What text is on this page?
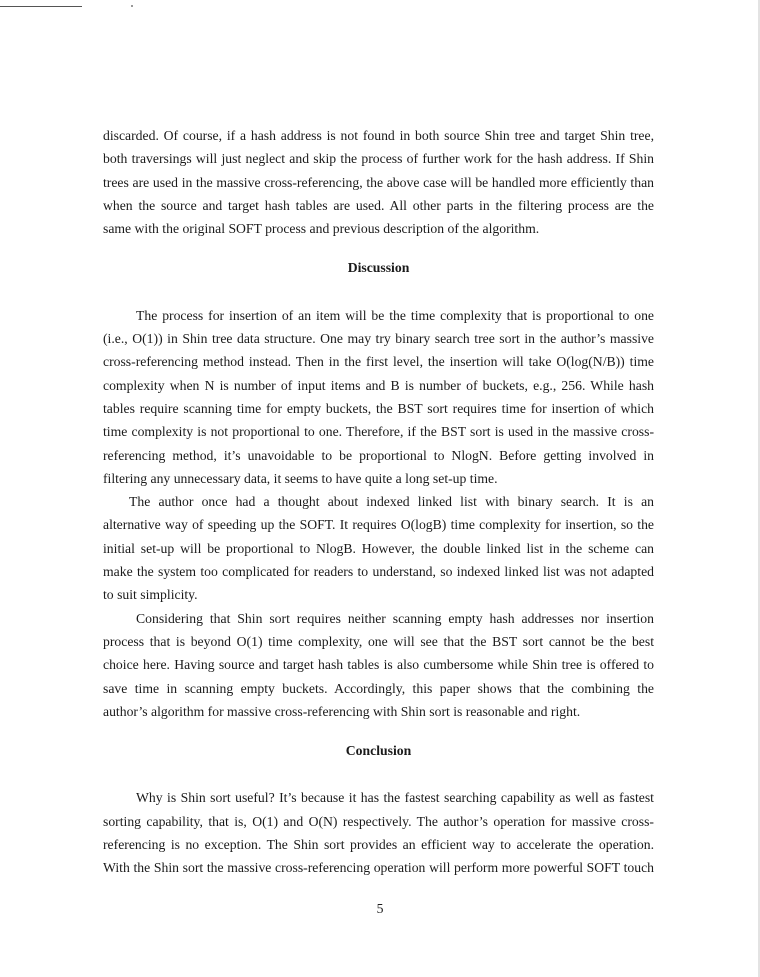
discarded. Of course, if a hash address is not found in both source Shin tree and target Shin tree,
both traversings will just neglect and skip the process of further work for the hash address. If Shin
trees are used in the massive cross-referencing, the above case will be handled more efficiently than
when the source and target hash tables are used. All other parts in the filtering process are the
same with the original SOFT process and previous description of the algorithm.
Discussion
The process for insertion of an item will be the time complexity that is proportional to one
(i.e., O(1)) in Shin tree data structure. One may try binary search tree sort in the author’s massive
cross-referencing method instead. Then in the first level, the insertion will take O(log(N/B)) time
complexity when N is number of input items and B is number of buckets, e.g., 256. While hash
tables require scanning time for empty buckets, the BST sort requires time for insertion of which
time complexity is not proportional to one. Therefore, if the BST sort is used in the massive cross-
referencing method, it’s unavoidable to be proportional to NlogN. Before getting involved in
filtering any unnecessary data, it seems to have quite a long set-up time.
The author once had a thought about indexed linked list with binary search. It is an
alternative way of speeding up the SOFT. It requires O(logB) time complexity for insertion, so the
initial set-up will be proportional to NlogB. However, the double linked list in the scheme can
make the system too complicated for readers to understand, so indexed linked list was not adapted
to suit simplicity.
Considering that Shin sort requires neither scanning empty hash addresses nor insertion
process that is beyond O(1) time complexity, one will see that the BST sort cannot be the best
choice here. Having source and target hash tables is also cumbersome while Shin tree is offered to
save time in scanning empty buckets. Accordingly, this paper shows that the combining the
author’s algorithm for massive cross-referencing with Shin sort is reasonable and right.
Conclusion
Why is Shin sort useful? It’s because it has the fastest searching capability as well as fastest
sorting capability, that is, O(1) and O(N) respectively. The author’s operation for massive cross-
referencing is no exception. The Shin sort provides an efficient way to accelerate the operation.
With the Shin sort the massive cross-referencing operation will perform more powerful SOFT touch
5
